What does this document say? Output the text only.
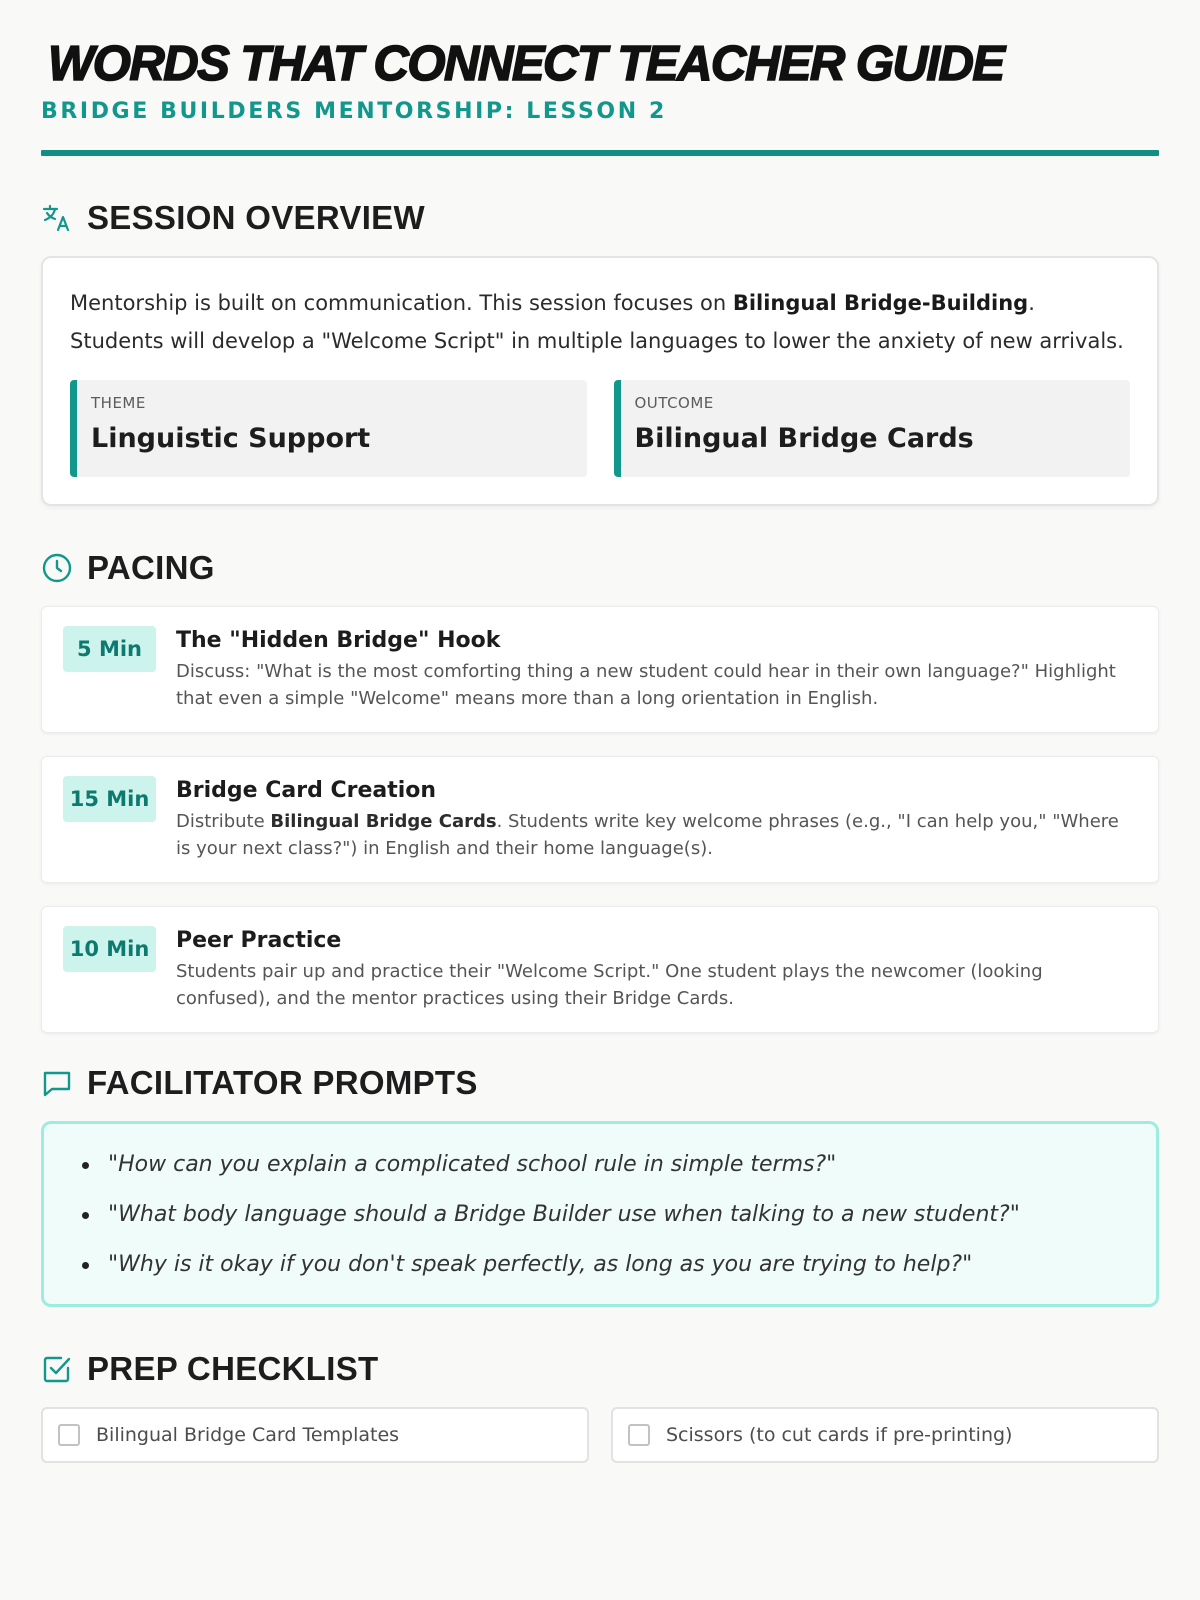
WORDS THAT CONNECT TEACHER GUIDE
BRIDGE BUILDERS MENTORSHIP: LESSON 2
SESSION OVERVIEW

Mentorship is built on communication. This session focuses on Bilingual Bridge-Building. Students will develop a "Welcome Script" in multiple languages to lower the anxiety of new arrivals.

THEME
Linguistic Support
OUTCOME
Bilingual Bridge Cards
PACING
5 Min	The "Hidden Bridge" Hook
Discuss: "What is the most comforting thing a new student could hear in their own language?" Highlight that even a simple "Welcome" means more than a long orientation in English.
15 Min	Bridge Card Creation
Distribute Bilingual Bridge Cards. Students write key welcome phrases (e.g., "I can help you," "Where is your next class?") in English and their home language(s).
10 Min	Peer Practice
Students pair up and practice their "Welcome Script." One student plays the newcomer (looking confused), and the mentor practices using their Bridge Cards.
FACILITATOR PROMPTS
"How can you explain a complicated school rule in simple terms?"
"What body language should a Bridge Builder use when talking to a new student?"
"Why is it okay if you don't speak perfectly, as long as you are trying to help?"
PREP CHECKLIST
Bilingual Bridge Card Templates	Scissors (to cut cards if pre-printing)
